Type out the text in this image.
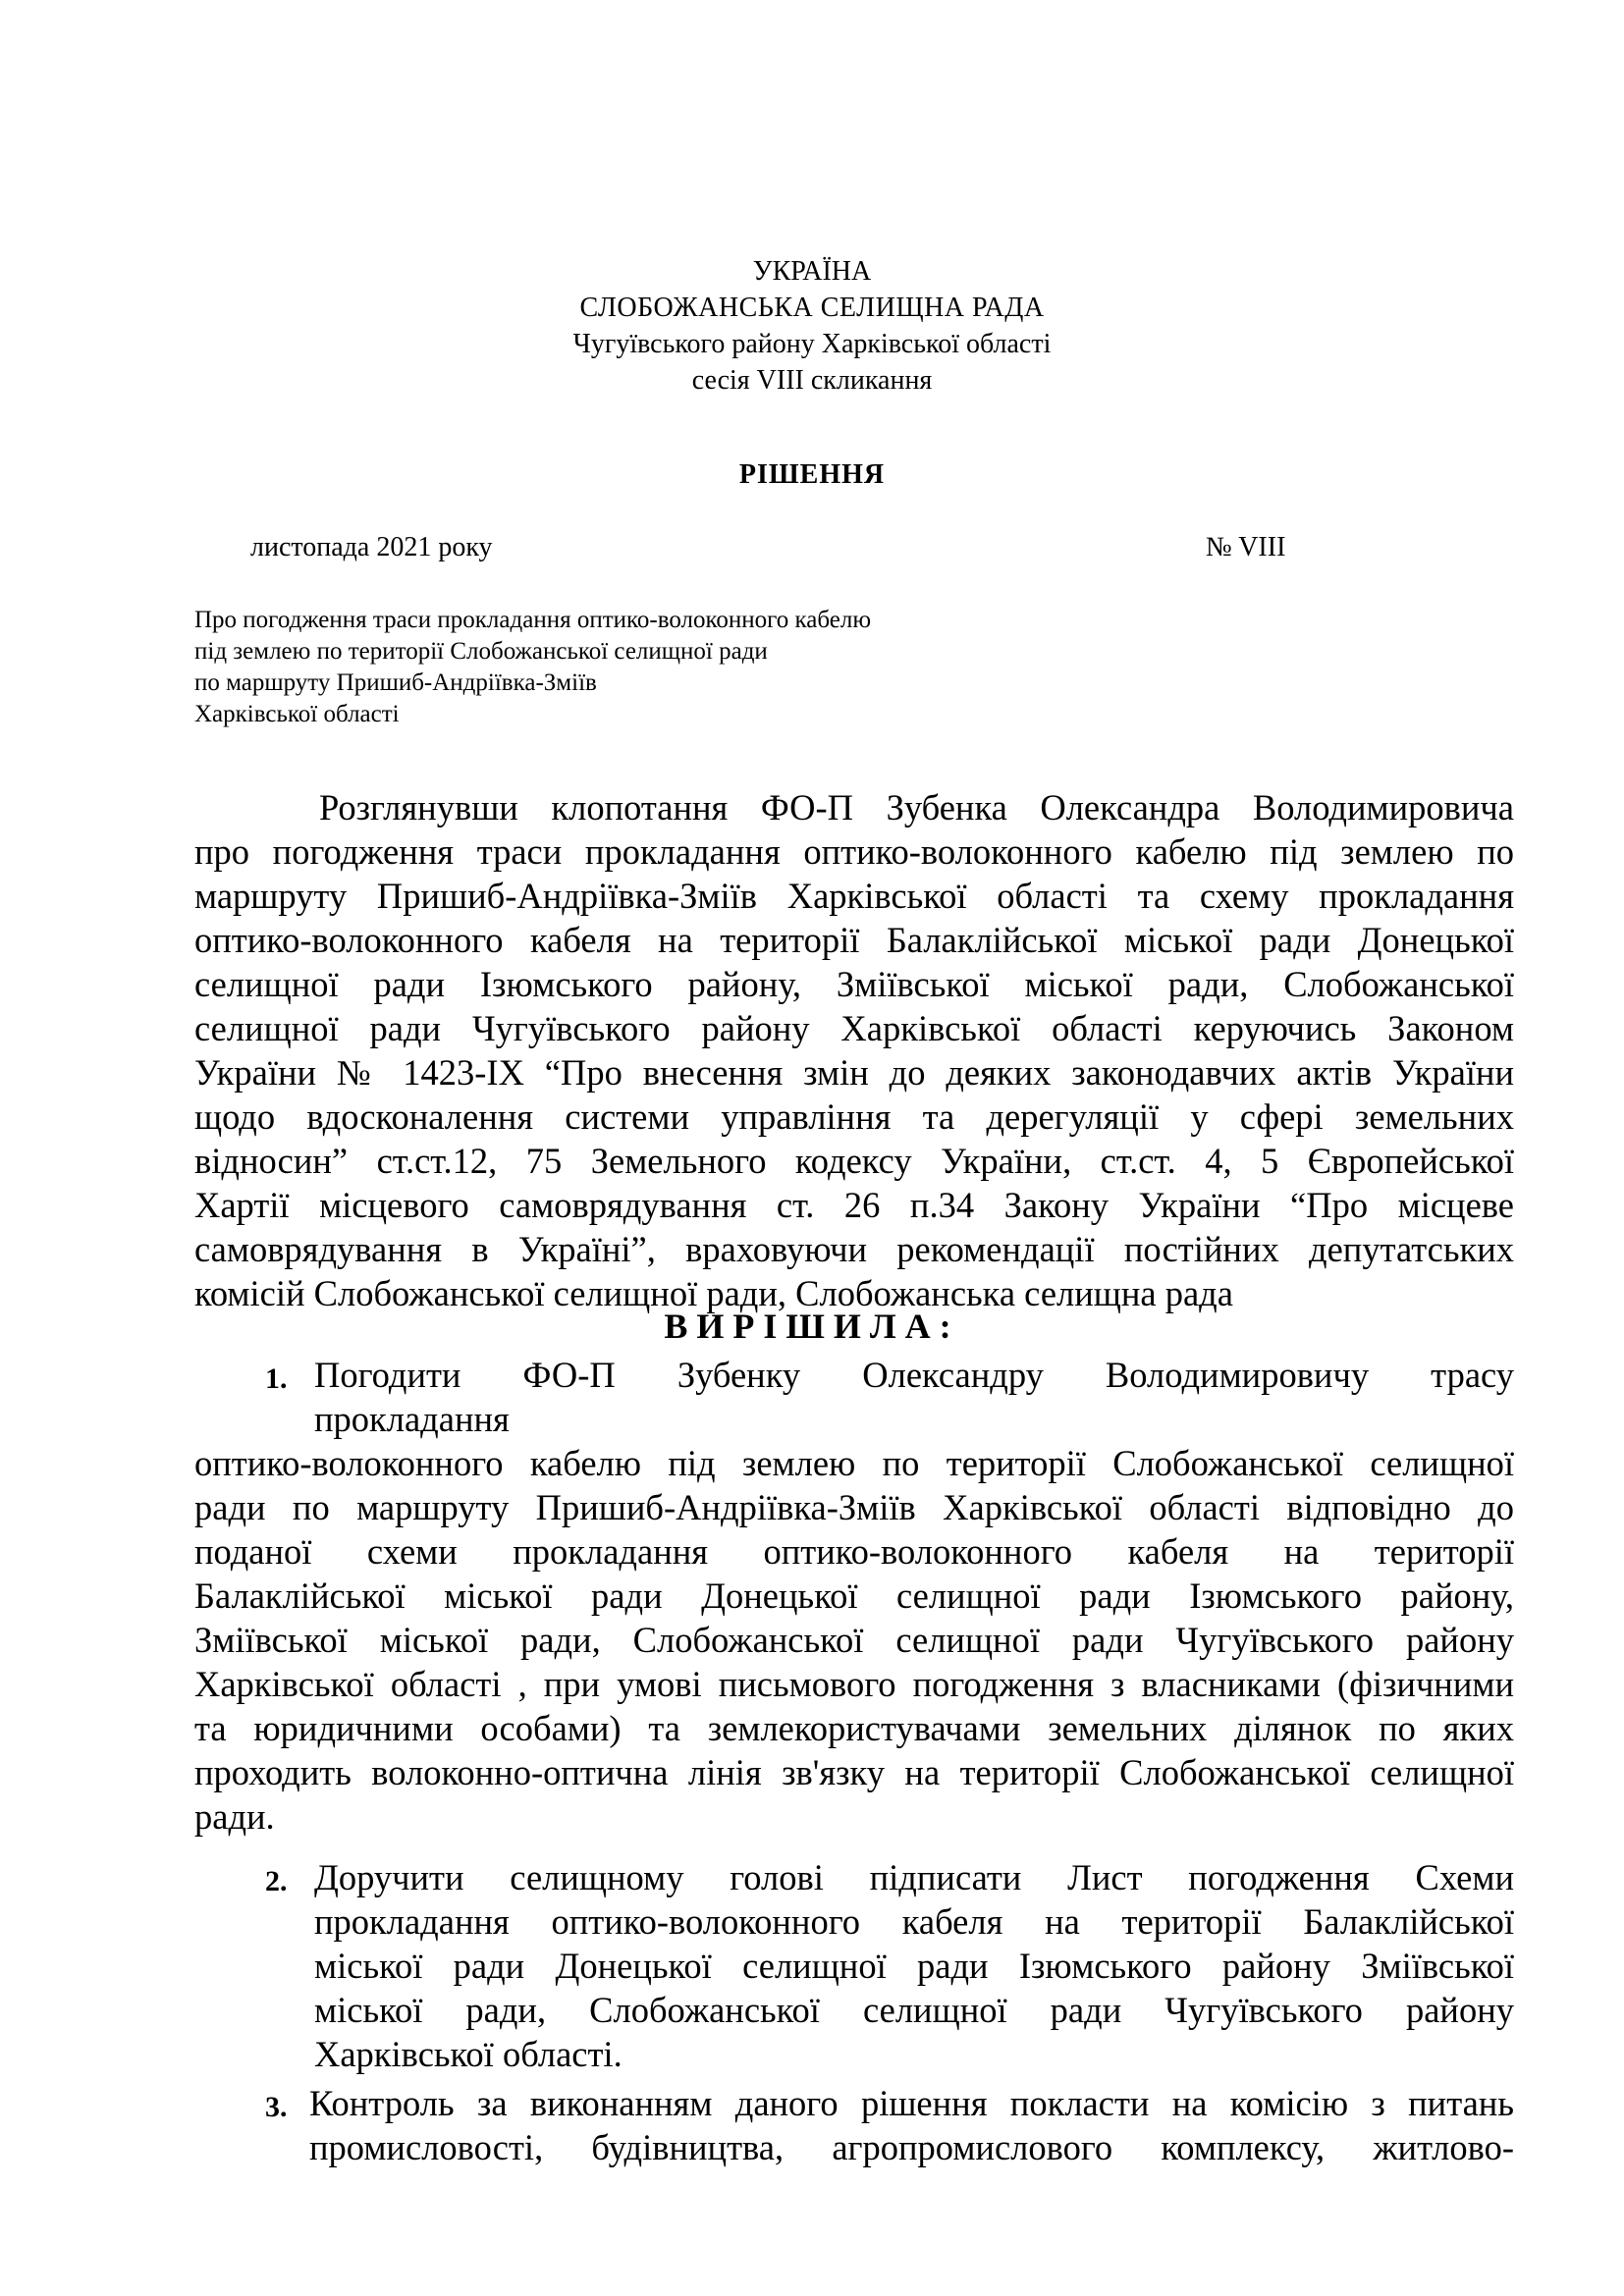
УКРАЇНА
СЛОБОЖАНСЬКА СЕЛИЩНА РАДА
Чугуївського району Харківської області
сесія VIII скликання
РІШЕННЯ
листопада 2021 року	№ VIII
Про погодження траси прокладання оптико-волоконного кабелю
під землею по території Слобожанської селищної ради
по маршруту Пришиб-Андріївка-Зміїв
Харківської області
Розглянувши клопотання ФО-П Зубенка Олександра Володимировича
про погодження траси прокладання оптико-волоконного кабелю під землею по
маршруту Пришиб-Андріївка-Зміїв Харківської області та схему прокладання
оптико-волоконного кабеля на території Балаклійської міської ради Донецької
селищної ради Ізюмського району, Зміївської міської ради, Слобожанської
селищної ради Чугуївського району Харківської області керуючись Законом
України № 1423-IX “Про внесення змін до деяких законодавчих актів України
щодо вдосконалення системи управління та дерегуляції у сфері земельних
відносин” ст.ст.12, 75 Земельного кодексу України, ст.ст. 4, 5 Європейської
Хартії місцевого самоврядування ст. 26 п.34 Закону України “Про місцеве
самоврядування в Україні”, враховуючи рекомендації постійних депутатських
комісій Слобожанської селищної ради, Слобожанська селищна рада
ВИРІШИЛА:
1. Погодити ФО-П Зубенку Олександру Володимировичу трасу
прокладання
оптико-волоконного кабелю під землею по території Слобожанської селищної
ради по маршруту Пришиб-Андріївка-Зміїв Харківської області відповідно до
поданої схеми прокладання оптико-волоконного кабеля на території
Балаклійської міської ради Донецької селищної ради Ізюмського району,
Зміївської міської ради, Слобожанської селищної ради Чугуївського району
Харківської області , при умові письмового погодження з власниками (фізичними
та юридичними особами) та землекористувачами земельних ділянок по яких
проходить волоконно-оптична лінія зв'язку на території Слобожанської селищної
ради.
2. Доручити селищному голові підписати Лист погодження Схеми
прокладання оптико-волоконного кабеля на території Балаклійської
міської ради Донецької селищної ради Ізюмського району Зміївської
міської ради, Слобожанської селищної ради Чугуївського району
Харківської області.
3. Контроль за виконанням даного рішення покласти на комісію з питань
промисловості, будівництва, агропромислового комплексу, житлово-
